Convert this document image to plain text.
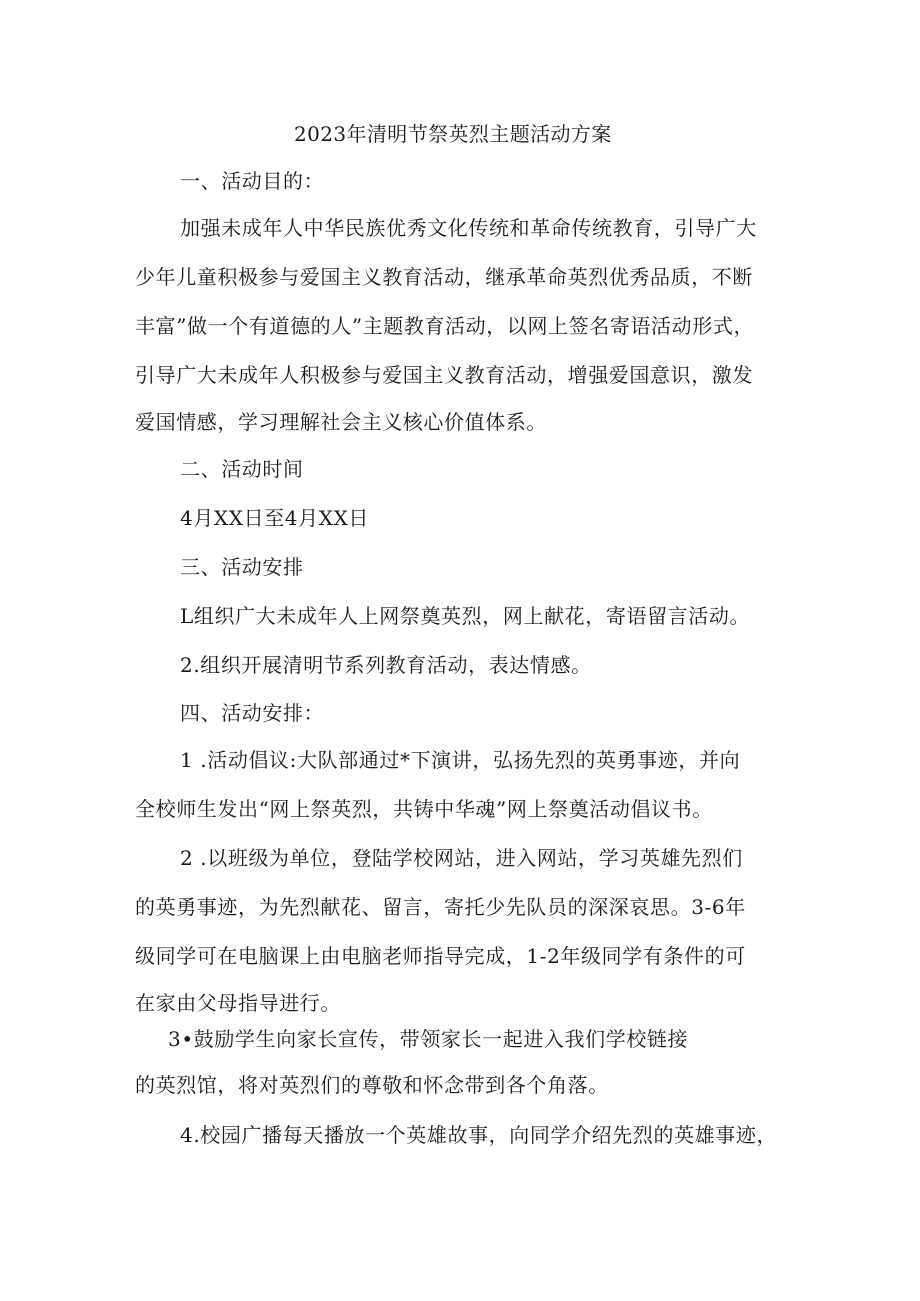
2023年清明节祭英烈主题活动方案
一、活动目的：
加强未成年人中华民族优秀文化传统和革命传统教育，引导广大
少年儿童积极参与爱国主义教育活动，继承革命英烈优秀品质，不断
丰富”做一个有道德的人”主题教育活动，以网上签名寄语活动形式，
引导广大未成年人积极参与爱国主义教育活动，增强爱国意识，激发
爱国情感，学习理解社会主义核心价值体系。
二、活动时间
4月XX日至4月XX日
三、活动安排
L组织广大未成年人上网祭奠英烈，网上献花，寄语留言活动。
2.组织开展清明节系列教育活动，表达情感。
四、活动安排：
1 .活动倡议:大队部通过*下演讲，弘扬先烈的英勇事迹，并向
全校师生发出“网上祭英烈，共铸中华魂”网上祭奠活动倡议书。
2 .以班级为单位，登陆学校网站，进入网站，学习英雄先烈们
的英勇事迹，为先烈献花、留言，寄托少先队员的深深哀思。3-6年
级同学可在电脑课上由电脑老师指导完成，1-2年级同学有条件的可
在家由父母指导进行。
3•鼓励学生向家长宣传，带领家长一起进入我们学校链接
的英烈馆，将对英烈们的尊敬和怀念带到各个角落。
4.校园广播每天播放一个英雄故事，向同学介绍先烈的英雄事迹，
